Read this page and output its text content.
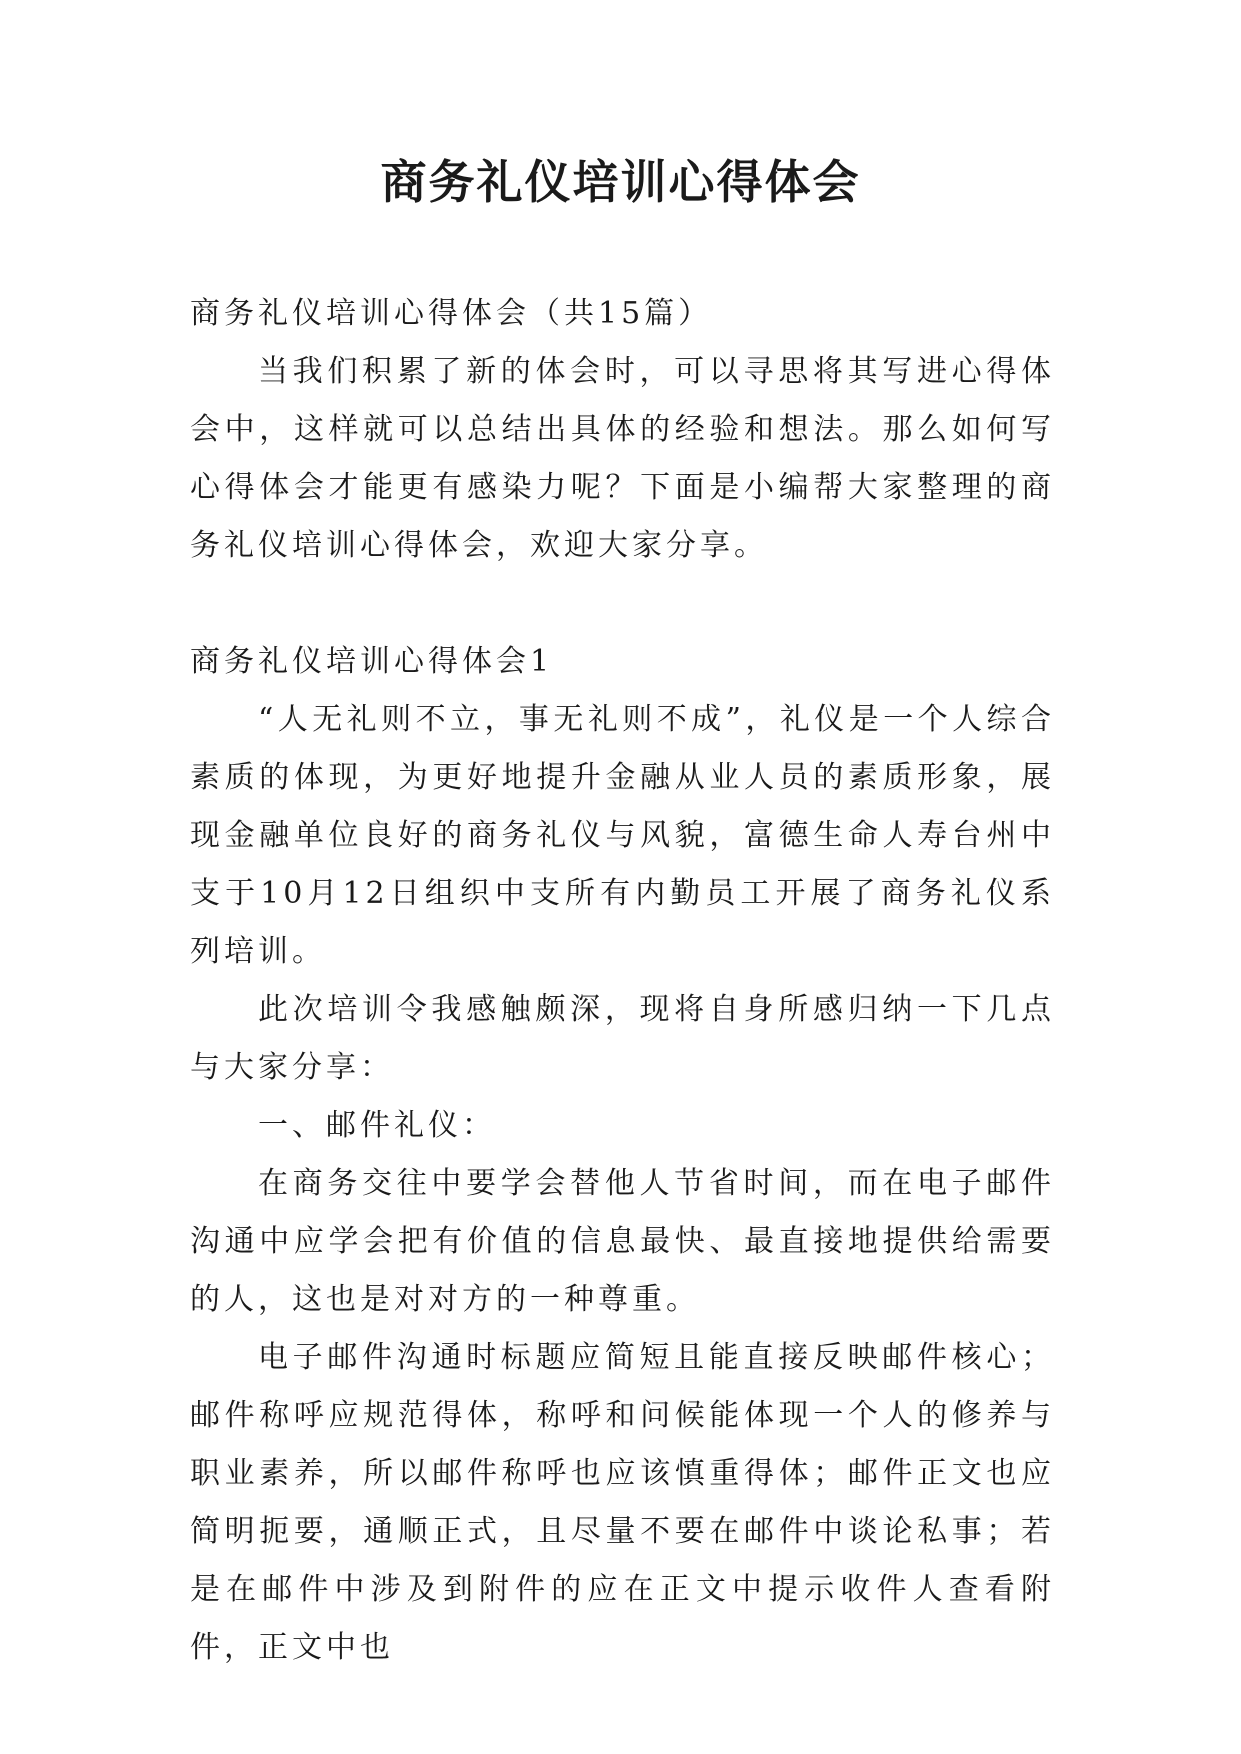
商务礼仪培训心得体会

商务礼仪培训心得体会（共15篇）

当我们积累了新的体会时，可以寻思将其写进心得体会中，这样就可以总结出具体的经验和想法。那么如何写心得体会才能更有感染力呢？下面是小编帮大家整理的商务礼仪培训心得体会，欢迎大家分享。

商务礼仪培训心得体会1

“人无礼则不立，事无礼则不成”，礼仪是一个人综合素质的体现，为更好地提升金融从业人员的素质形象，展现金融单位良好的商务礼仪与风貌，富德生命人寿台州中支于10月12日组织中支所有内勤员工开展了商务礼仪系列培训。

此次培训令我感触颇深，现将自身所感归纳一下几点与大家分享：

一、邮件礼仪：

在商务交往中要学会替他人节省时间，而在电子邮件沟通中应学会把有价值的信息最快、最直接地提供给需要的人，这也是对对方的一种尊重。

电子邮件沟通时标题应简短且能直接反映邮件核心；邮件称呼应规范得体，称呼和问候能体现一个人的修养与职业素养，所以邮件称呼也应该慎重得体；邮件正文也应简明扼要，通顺正式，且尽量不要在邮件中谈论私事；若是在邮件中涉及到附件的应在正文中提示收件人查看附件，正文中也
